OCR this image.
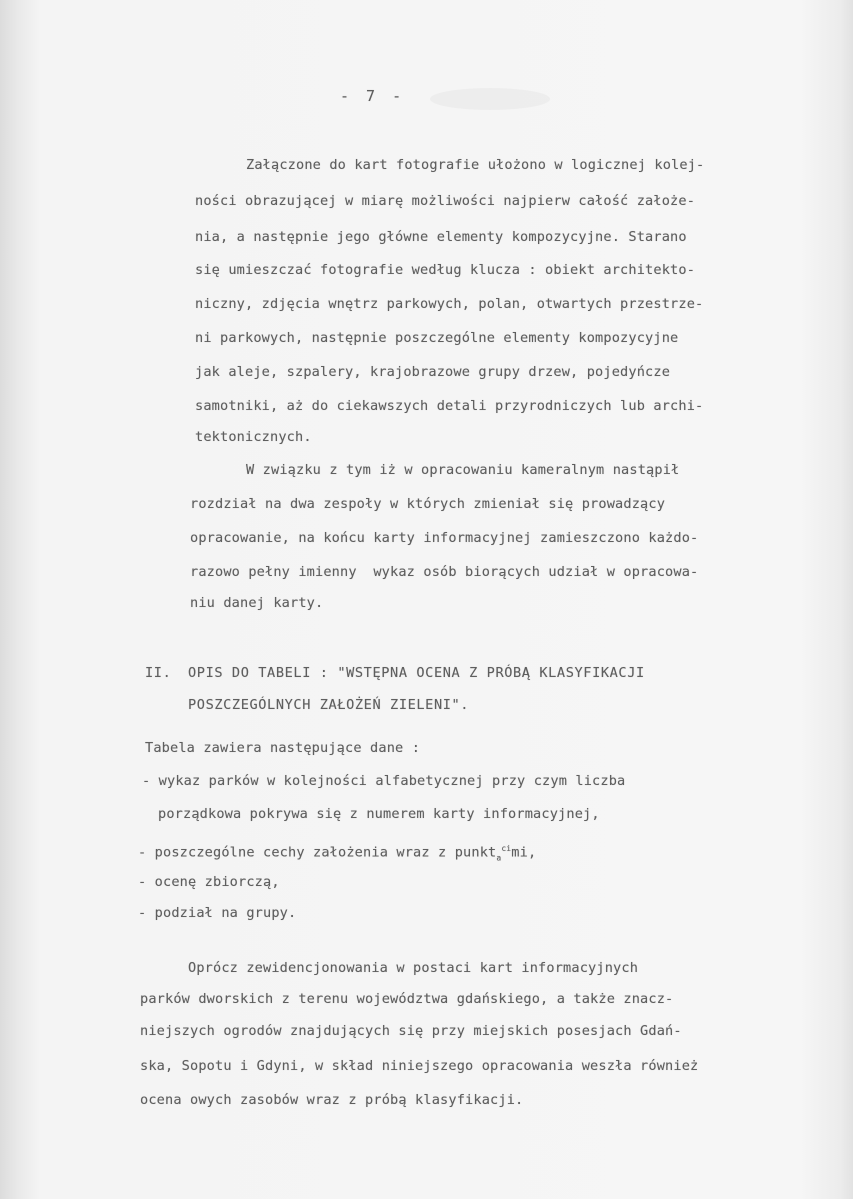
- 7 -
Załączone do kart fotografie ułożono w logicznej kolej-
ności obrazującej w miarę możliwości najpierw całość założe-
nia, a następnie jego główne elementy kompozycyjne. Starano
się umieszczać fotografie według klucza : obiekt architekto-
niczny, zdjęcia wnętrz parkowych, polan, otwartych przestrze-
ni parkowych, następnie poszczególne elementy kompozycyjne
jak aleje, szpalery, krajobrazowe grupy drzew, pojedyńcze
samotniki, aż do ciekawszych detali przyrodniczych lub archi-
tektonicznych.
W związku z tym iż w opracowaniu kameralnym nastąpił
rozdział na dwa zespoły w których zmieniał się prowadzący
opracowanie, na końcu karty informacyjnej zamieszczono każdo-
razowo pełny imienny  wykaz osób biorących udział w opracowa-
niu danej karty.
II. OPIS DO TABELI : "WSTĘPNA OCENA Z PRÓBĄ KLASYFIKACJI
POSZCZEGÓLNYCH ZAŁOŻEŃ ZIELENI".
Tabela zawiera następujące dane :
- wykaz parków w kolejności alfabetycznej przy czym liczba
porządkowa pokrywa się z numerem karty informacyjnej,
- poszczególne cechy założenia wraz z punkt$_a^{ci}$mi,
- ocenę zbiorczą,
- podział na grupy.
Oprócz zewidencjonowania w postaci kart informacyjnych
parków dworskich z terenu województwa gdańskiego, a także znacz-
niejszych ogrodów znajdujących się przy miejskich posesjach Gdań-
ska, Sopotu i Gdyni, w skład niniejszego opracowania weszła również
ocena owych zasobów wraz z próbą klasyfikacji.
